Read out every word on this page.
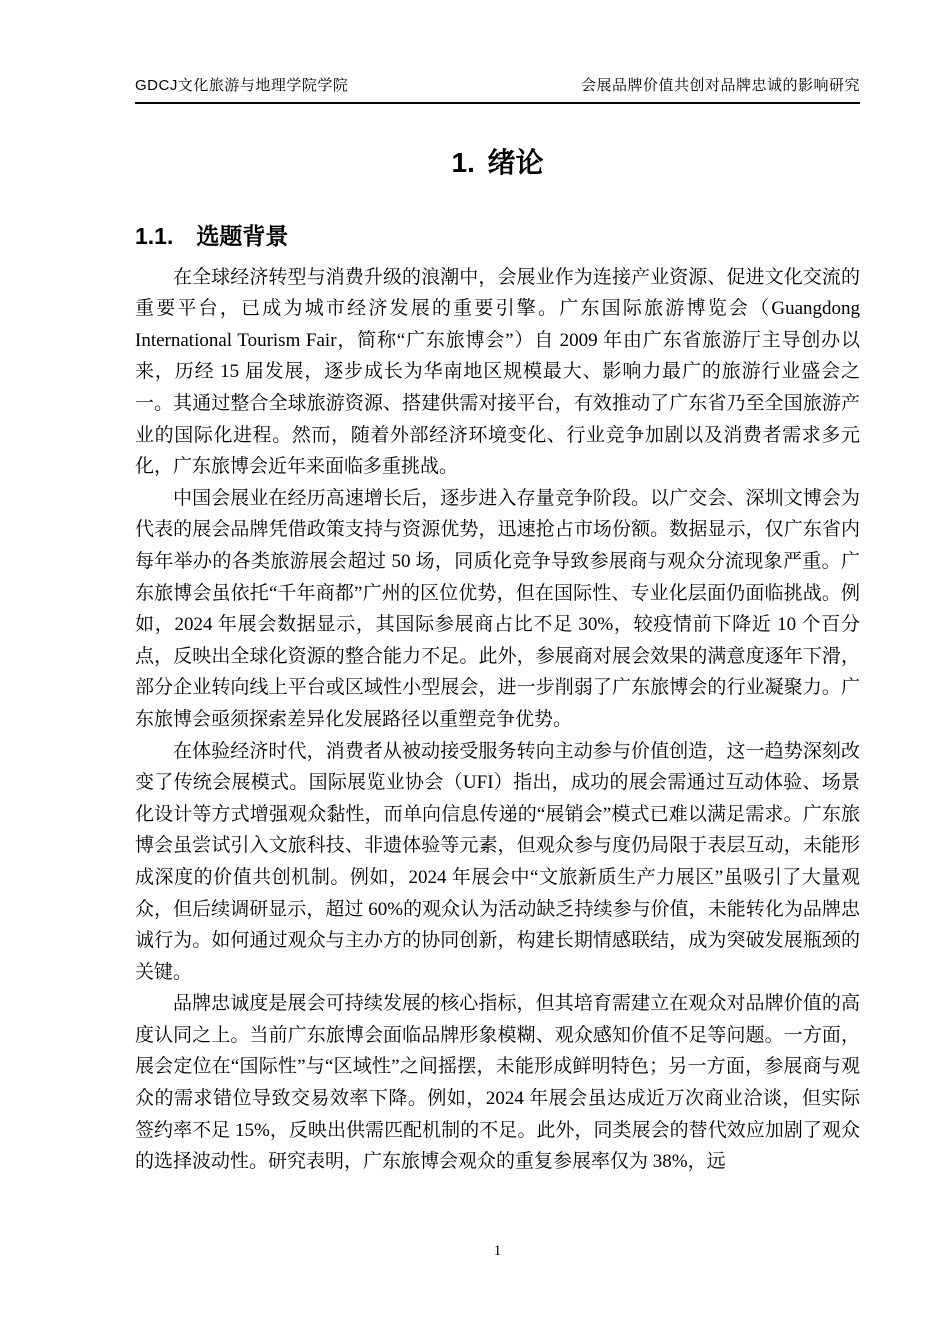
GDCJ文化旅游与地理学院学院	会展品牌价值共创对品牌忠诚的影响研究
1. 绪论
1.1. 选题背景

在全球经济转型与消费升级的浪潮中，会展业作为连接产业资源、促进文化交流的重要平台，已成为城市经济发展的重要引擎。广东国际旅游博览会（Guangdong International Tourism Fair，简称“广东旅博会”）自 2009 年由广东省旅游厅主导创办以来，历经 15 届发展，逐步成长为华南地区规模最大、影响力最广的旅游行业盛会之一。其通过整合全球旅游资源、搭建供需对接平台，有效推动了广东省乃至全国旅游产业的国际化进程。然而，随着外部经济环境变化、行业竞争加剧以及消费者需求多元化，广东旅博会近年来面临多重挑战。

中国会展业在经历高速增长后，逐步进入存量竞争阶段。以广交会、深圳文博会为代表的展会品牌凭借政策支持与资源优势，迅速抢占市场份额。数据显示，仅广东省内每年举办的各类旅游展会超过 50 场，同质化竞争导致参展商与观众分流现象严重。广东旅博会虽依托“千年商都”广州的区位优势，但在国际性、专业化层面仍面临挑战。例如，2024 年展会数据显示，其国际参展商占比不足 30%，较疫情前下降近 10 个百分点，反映出全球化资源的整合能力不足。此外，参展商对展会效果的满意度逐年下滑，部分企业转向线上平台或区域性小型展会，进一步削弱了广东旅博会的行业凝聚力。广东旅博会亟须探索差异化发展路径以重塑竞争优势。

在体验经济时代，消费者从被动接受服务转向主动参与价值创造，这一趋势深刻改变了传统会展模式。国际展览业协会（UFI）指出，成功的展会需通过互动体验、场景化设计等方式增强观众黏性，而单向信息传递的“展销会”模式已难以满足需求。广东旅博会虽尝试引入文旅科技、非遗体验等元素，但观众参与度仍局限于表层互动，未能形成深度的价值共创机制。例如，2024 年展会中“文旅新质生产力展区”虽吸引了大量观众，但后续调研显示，超过 60%的观众认为活动缺乏持续参与价值，未能转化为品牌忠诚行为。如何通过观众与主办方的协同创新，构建长期情感联结，成为突破发展瓶颈的关键。

品牌忠诚度是展会可持续发展的核心指标，但其培育需建立在观众对品牌价值的高度认同之上。当前广东旅博会面临品牌形象模糊、观众感知价值不足等问题。一方面，展会定位在“国际性”与“区域性”之间摇摆，未能形成鲜明特色；另一方面，参展商与观众的需求错位导致交易效率下降。例如，2024 年展会虽达成近万次商业洽谈，但实际签约率不足 15%，反映出供需匹配机制的不足。此外，同类展会的替代效应加剧了观众的选择波动性。研究表明，广东旅博会观众的重复参展率仅为 38%，远

1
